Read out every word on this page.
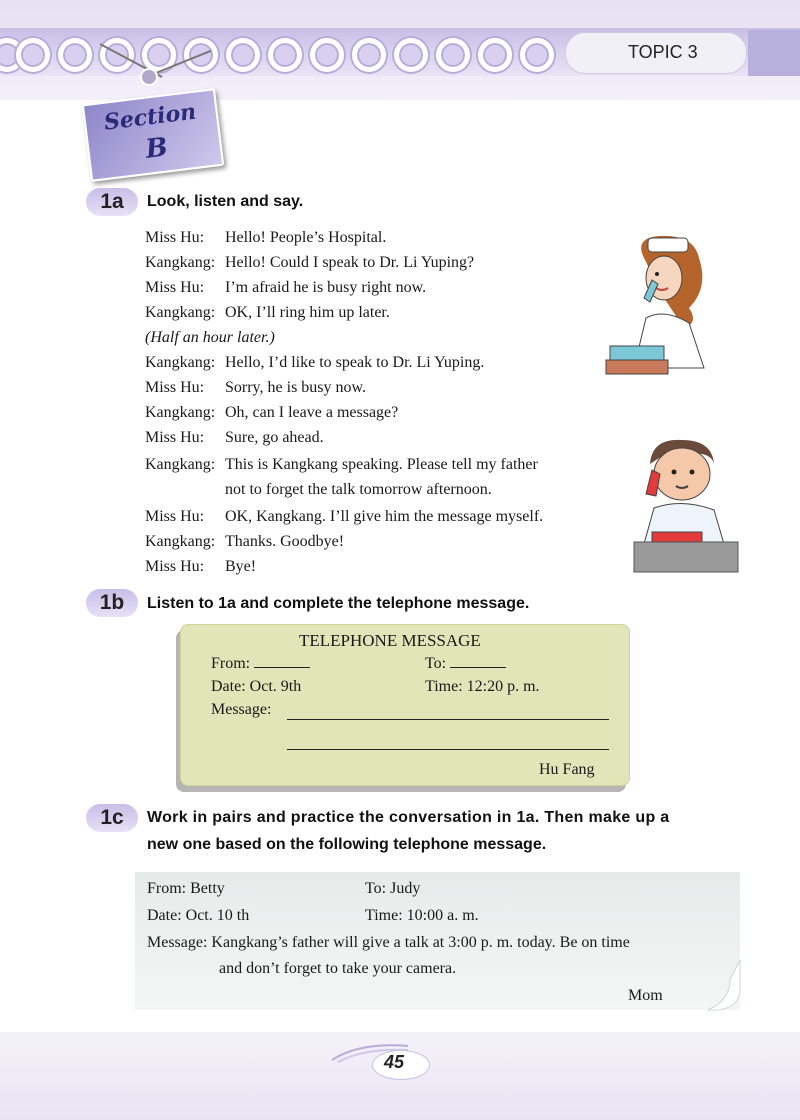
TOPIC 3
Section
B
1a	Look, listen and say.
Miss Hu: Hello! People’s Hospital.
Kangkang: Hello! Could I speak to Dr. Li Yuping?
Miss Hu: I’m afraid he is busy right now.
Kangkang: OK, I’ll ring him up later.
(Half an hour later.)
Kangkang: Hello, I’d like to speak to Dr. Li Yuping.
Miss Hu: Sorry, he is busy now.
Kangkang: Oh, can I leave a message?
Miss Hu: Sure, go ahead.
Kangkang: This is Kangkang speaking. Please tell my father
not to forget the talk tomorrow afternoon.
Miss Hu: OK, Kangkang. I’ll give him the message myself.
Kangkang: Thanks. Goodbye!
Miss Hu: Bye!
1b	Listen to 1a and complete the telephone message.
TELEPHONE MESSAGE
From:	To:
Date: Oct. 9th	Time: 12:20 p. m.
Message:
Hu Fang
1c	Work in pairs and practice the conversation in 1a. Then make up a
new one based on the following telephone message.
From: Betty	To: Judy
Date: Oct. 10 th	Time: 10:00 a. m.
Message: Kangkang’s father will give a talk at 3:00 p. m. today. Be on time
and don’t forget to take your camera.
Mom
45
